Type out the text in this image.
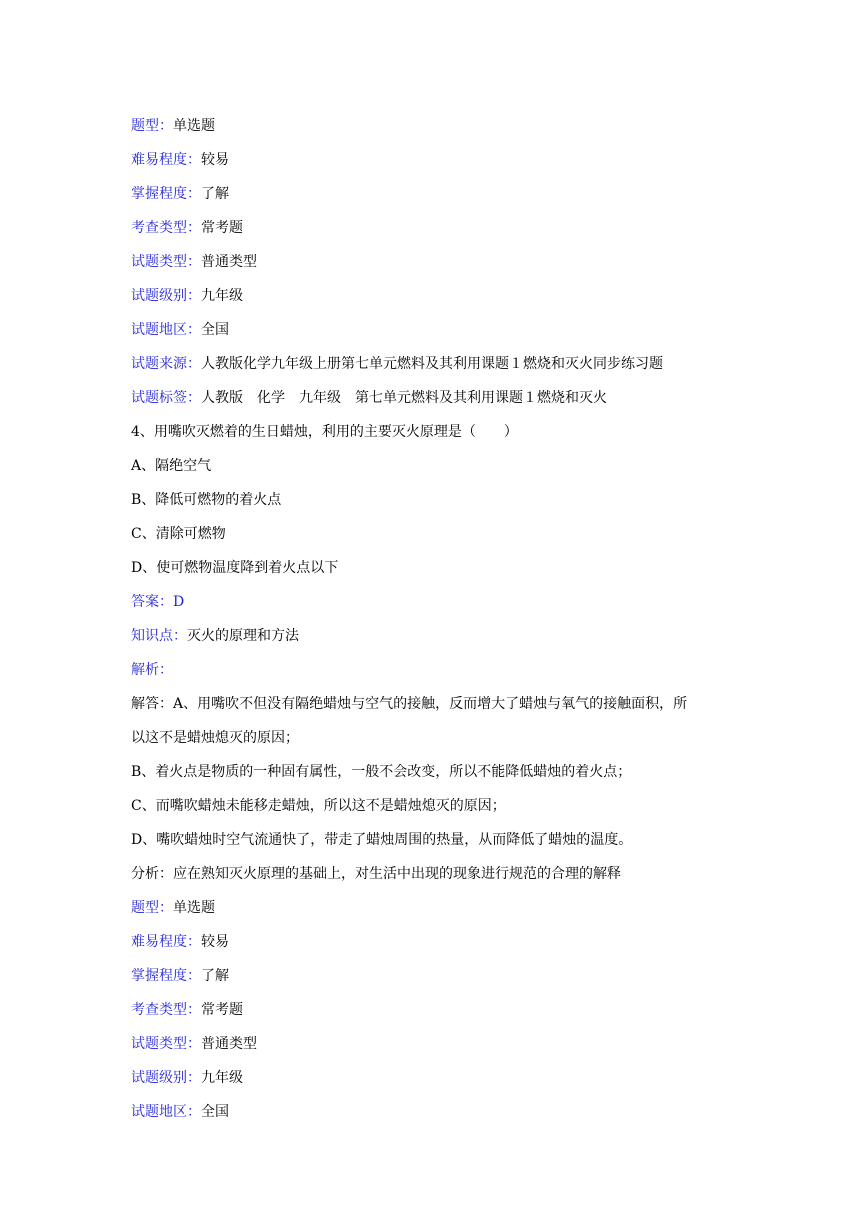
题型：单选题
难易程度：较易
掌握程度：了解
考查类型：常考题
试题类型：普通类型
试题级别：九年级
试题地区：全国
试题来源：人教版化学九年级上册第七单元燃料及其利用课题１燃烧和灭火同步练习题
试题标签：人教版　化学　九年级　第七单元燃料及其利用课题１燃烧和灭火
4、用嘴吹灭燃着的生日蜡烛，利用的主要灭火原理是（　　）
A、隔绝空气
B、降低可燃物的着火点
C、清除可燃物
D、使可燃物温度降到着火点以下
答案：D
知识点：灭火的原理和方法
解析：
解答：A、用嘴吹不但没有隔绝蜡烛与空气的接触，反而增大了蜡烛与氧气的接触面积，所
以这不是蜡烛熄灭的原因；
B、着火点是物质的一种固有属性，一般不会改变，所以不能降低蜡烛的着火点；
C、而嘴吹蜡烛未能移走蜡烛，所以这不是蜡烛熄灭的原因；
D、嘴吹蜡烛时空气流通快了，带走了蜡烛周围的热量，从而降低了蜡烛的温度。
分析：应在熟知灭火原理的基础上，对生活中出现的现象进行规范的合理的解释
题型：单选题
难易程度：较易
掌握程度：了解
考查类型：常考题
试题类型：普通类型
试题级别：九年级
试题地区：全国
